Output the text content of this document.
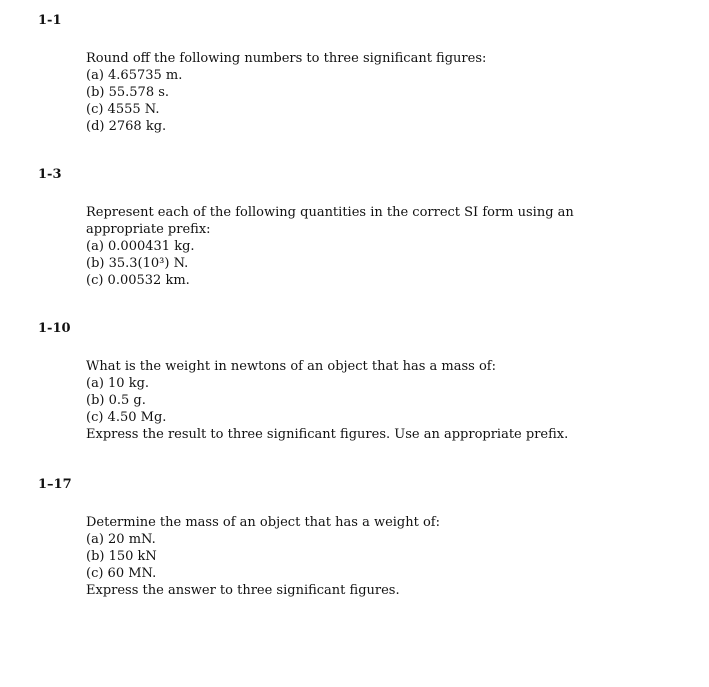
1-1
Round off the following numbers to three significant figures:
(a) 4.65735 m.
(b) 55.578 s.
(c) 4555 N.
(d) 2768 kg.
1-3
Represent each of the following quantities in the correct SI form using an appropriate prefix:
(a) 0.000431 kg.
(b) 35.3(10³) N.
(c) 0.00532 km.
1-10
What is the weight in newtons of an object that has a mass of:
(a) 10 kg.
(b) 0.5 g.
(c) 4.50 Mg.
Express the result to three significant figures. Use an appropriate prefix.
1–17
Determine the mass of an object that has a weight of:
(a) 20 mN.
(b) 150 kN
(c) 60 MN.
Express the answer to three significant figures.
